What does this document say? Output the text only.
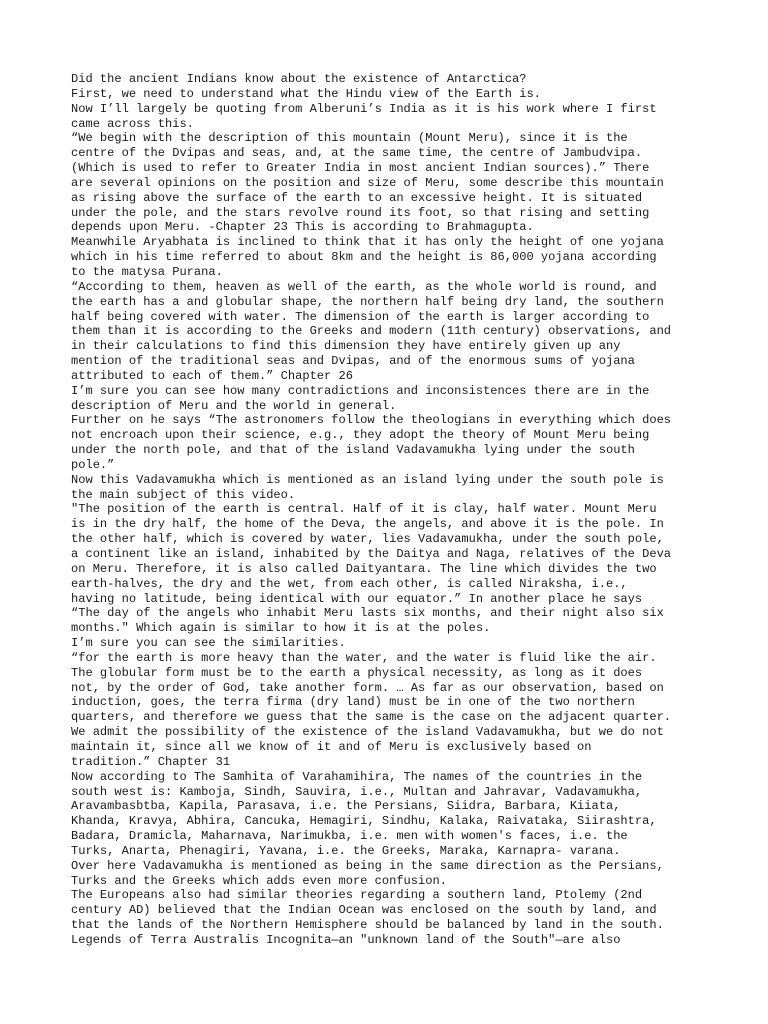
Did the ancient Indians know about the existence of Antarctica?

First, we need to understand what the Hindu view of the Earth is.

Now I’ll largely be quoting from Alberuni’s India as it is his work where I first

came across this.

“We begin with the description of this mountain (Mount Meru), since it is the

centre of the Dvipas and seas, and, at the same time, the centre of Jambudvipa.

(Which is used to refer to Greater India in most ancient Indian sources).” There

are several opinions on the position and size of Meru, some describe this mountain

as rising above the surface of the earth to an excessive height. It is situated

under the pole, and the stars revolve round its foot, so that rising and setting

depends upon Meru. -Chapter 23 This is according to Brahmagupta.

Meanwhile Aryabhata is inclined to think that it has only the height of one yojana

which in his time referred to about 8km and the height is 86,000 yojana according

to the matysa Purana.

“According to them, heaven as well of the earth, as the whole world is round, and

the earth has a and globular shape, the northern half being dry land, the southern

half being covered with water. The dimension of the earth is larger according to

them than it is according to the Greeks and modern (11th century) observations, and

in their calculations to find this dimension they have entirely given up any

mention of the traditional seas and Dvipas, and of the enormous sums of yojana

attributed to each of them.” Chapter 26

I’m sure you can see how many contradictions and inconsistences there are in the

description of Meru and the world in general.

Further on he says “The astronomers follow the theologians in everything which does

not encroach upon their science, e.g., they adopt the theory of Mount Meru being

under the north pole, and that of the island Vadavamukha lying under the south

pole.”

Now this Vadavamukha which is mentioned as an island lying under the south pole is

the main subject of this video.

"The position of the earth is central. Half of it is clay, half water. Mount Meru

is in the dry half, the home of the Deva, the angels, and above it is the pole. In

the other half, which is covered by water, lies Vadavamukha, under the south pole,

a continent like an island, inhabited by the Daitya and Naga, relatives of the Deva

on Meru. Therefore, it is also called Daityantara. The line which divides the two

earth-halves, the dry and the wet, from each other, is called Niraksha, i.e.,

having no latitude, being identical with our equator.” In another place he says

“The day of the angels who inhabit Meru lasts six months, and their night also six

months." Which again is similar to how it is at the poles.

I’m sure you can see the similarities.

“for the earth is more heavy than the water, and the water is fluid like the air.

The globular form must be to the earth a physical necessity, as long as it does

not, by the order of God, take another form. … As far as our observation, based on

induction, goes, the terra firma (dry land) must be in one of the two northern

quarters, and therefore we guess that the same is the case on the adjacent quarter.

We admit the possibility of the existence of the island Vadavamukha, but we do not

maintain it, since all we know of it and of Meru is exclusively based on

tradition.” Chapter 31

Now according to The Samhita of Varahamihira, The names of the countries in the

south west is: Kamboja, Sindh, Sauvira, i.e., Multan and Jahravar, Vadavamukha,

Aravambasbtba, Kapila, Parasava, i.e. the Persians, Siidra, Barbara, Kiiata,

Khanda, Kravya, Abhira, Cancuka, Hemagiri, Sindhu, Kalaka, Raivataka, Siirashtra,

Badara, Dramicla, Maharnava, Narimukba, i.e. men with women's faces, i.e. the

Turks, Anarta, Phenagiri, Yavana, i.e. the Greeks, Maraka, Karnapra- varana.

Over here Vadavamukha is mentioned as being in the same direction as the Persians,

Turks and the Greeks which adds even more confusion.

The Europeans also had similar theories regarding a southern land, Ptolemy (2nd

century AD) believed that the Indian Ocean was enclosed on the south by land, and

that the lands of the Northern Hemisphere should be balanced by land in the south.

Legends of Terra Australis Incognita—an "unknown land of the South"—are also
